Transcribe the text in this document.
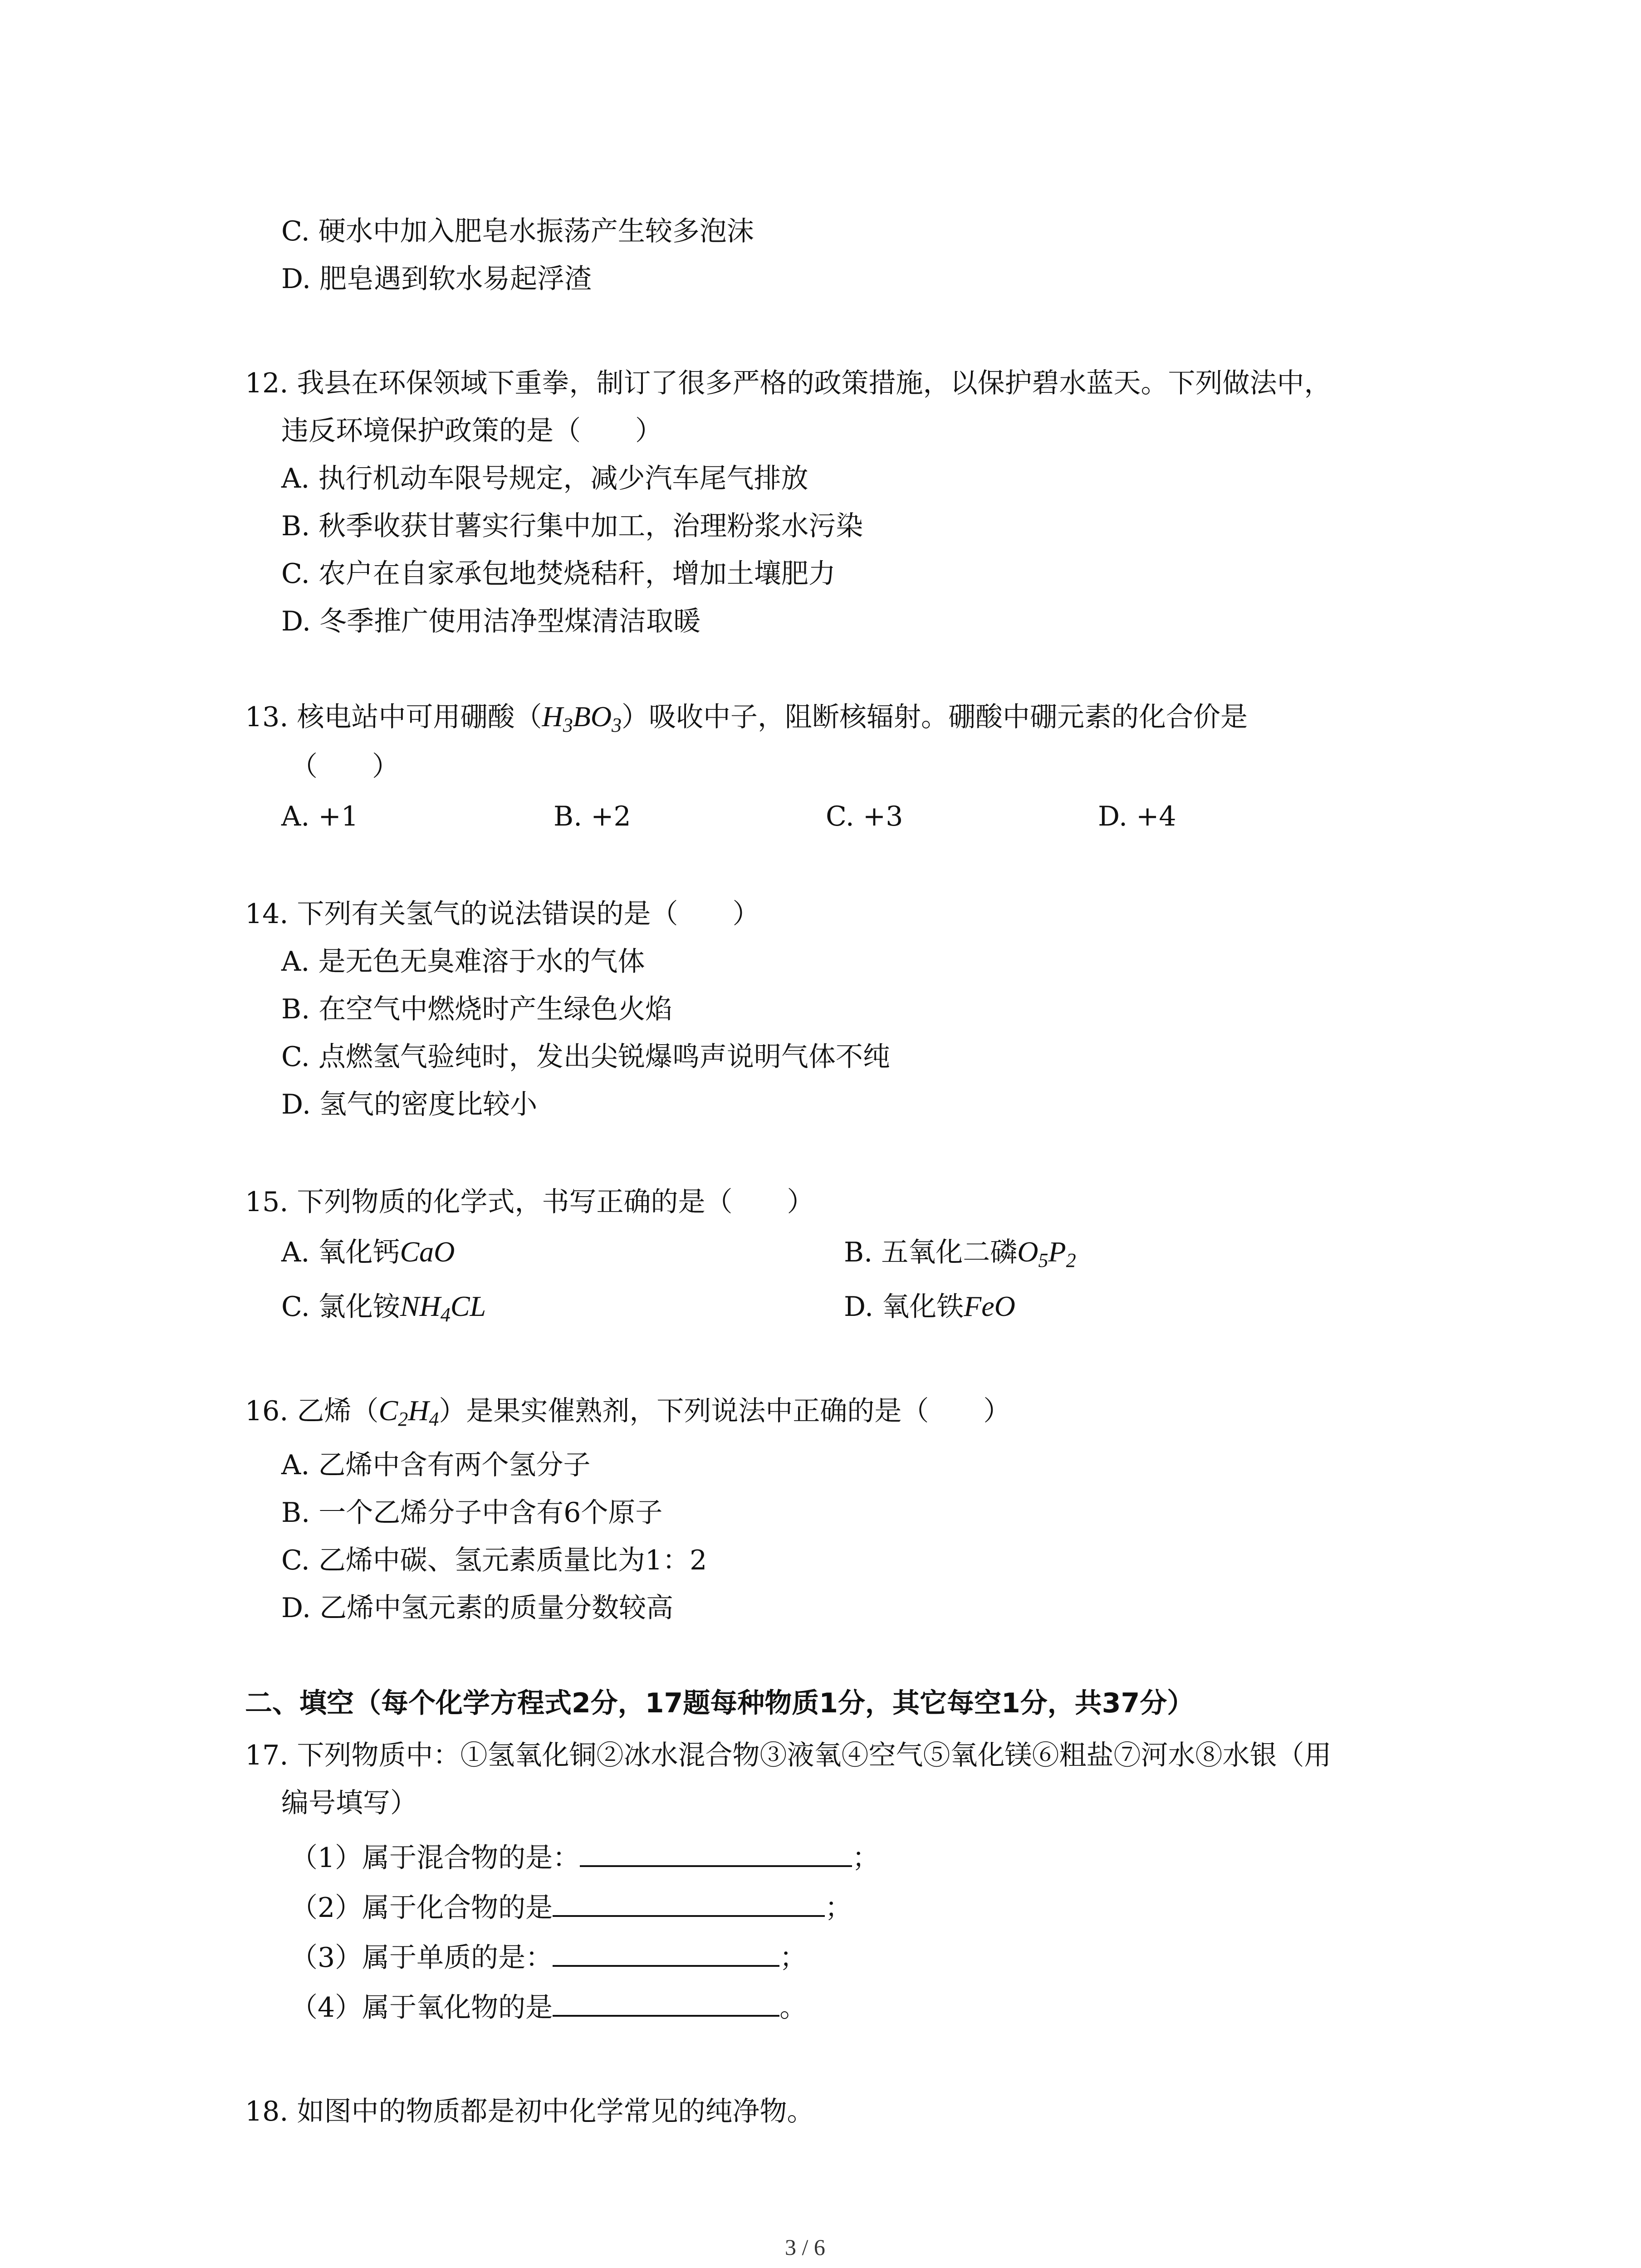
C. 硬水中加入肥皂水振荡产生较多泡沫
D. 肥皂遇到软水易起浮渣
12. 我县在环保领域下重拳，制订了很多严格的政策措施，以保护碧水蓝天。下列做法中，
违反环境保护政策的是（　　）
A. 执行机动车限号规定，减少汽车尾气排放
B. 秋季收获甘薯实行集中加工，治理粉浆水污染
C. 农户在自家承包地焚烧秸秆，增加土壤肥力
D. 冬季推广使用洁净型煤清洁取暖
13. 核电站中可用硼酸$(H_3BO_3)$吸收中子，阻断核辐射。硼酸中硼元素的化合价是
（　　）
A. +1	B. +2	C. +3	D. +4
14. 下列有关氢气的说法错误的是（　　）
A. 是无色无臭难溶于水的气体
B. 在空气中燃烧时产生绿色火焰
C. 点燃氢气验纯时，发出尖锐爆鸣声说明气体不纯
D. 氢气的密度比较小
15. 下列物质的化学式，书写正确的是（　　）
A. 氧化钙CaO	B. 五氧化二磷$O_5P_2$
C. 氯化铵$NH_4CL$	D. 氧化铁FeO
16. 乙烯$(C_2H_4)$是果实催熟剂，下列说法中正确的是（　　）
A. 乙烯中含有两个氢分子
B. 一个乙烯分子中含有6个原子
C. 乙烯中碳、氢元素质量比为1：2
D. 乙烯中氢元素的质量分数较高
二、填空（每个化学方程式2分，17题每种物质1分，其它每空1分，共37分）
17. 下列物质中：①氢氧化铜②冰水混合物③液氧④空气⑤氧化镁⑥粗盐⑦河水⑧水银（用
编号填写）
（1）属于混合物的是：	；
（2）属于化合物的是	；
（3）属于单质的是：	；
（4）属于氧化物的是	。
18. 如图中的物质都是初中化学常见的纯净物。
3 / 6
